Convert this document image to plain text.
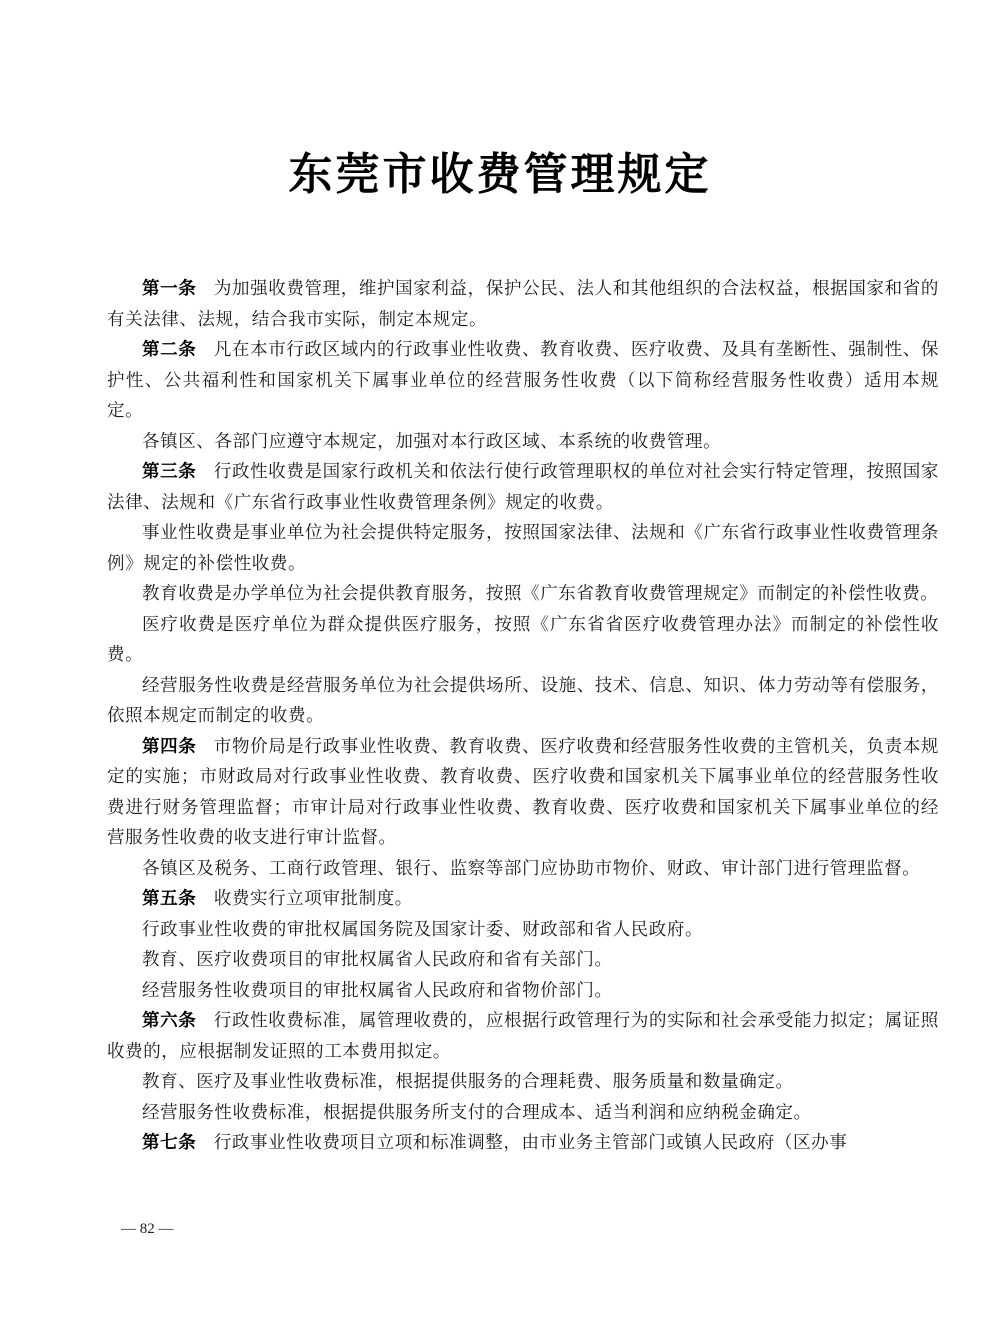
东莞市收费管理规定

第一条 为加强收费管理，维护国家利益，保护公民、法人和其他组织的合法权益，根据国家和省的有关法律、法规，结合我市实际，制定本规定。

第二条 凡在本市行政区域内的行政事业性收费、教育收费、医疗收费、及具有垄断性、强制性、保护性、公共福利性和国家机关下属事业单位的经营服务性收费（以下简称经营服务性收费）适用本规定。

各镇区、各部门应遵守本规定，加强对本行政区域、本系统的收费管理。

第三条 行政性收费是国家行政机关和依法行使行政管理职权的单位对社会实行特定管理，按照国家法律、法规和《广东省行政事业性收费管理条例》规定的收费。

事业性收费是事业单位为社会提供特定服务，按照国家法律、法规和《广东省行政事业性收费管理条例》规定的补偿性收费。

教育收费是办学单位为社会提供教育服务，按照《广东省教育收费管理规定》而制定的补偿性收费。

医疗收费是医疗单位为群众提供医疗服务，按照《广东省省医疗收费管理办法》而制定的补偿性收费。

经营服务性收费是经营服务单位为社会提供场所、设施、技术、信息、知识、体力劳动等有偿服务，依照本规定而制定的收费。

第四条 市物价局是行政事业性收费、教育收费、医疗收费和经营服务性收费的主管机关，负责本规定的实施；市财政局对行政事业性收费、教育收费、医疗收费和国家机关下属事业单位的经营服务性收费进行财务管理监督；市审计局对行政事业性收费、教育收费、医疗收费和国家机关下属事业单位的经营服务性收费的收支进行审计监督。

各镇区及税务、工商行政管理、银行、监察等部门应协助市物价、财政、审计部门进行管理监督。

第五条 收费实行立项审批制度。

行政事业性收费的审批权属国务院及国家计委、财政部和省人民政府。

教育、医疗收费项目的审批权属省人民政府和省有关部门。

经营服务性收费项目的审批权属省人民政府和省物价部门。

第六条 行政性收费标准，属管理收费的，应根据行政管理行为的实际和社会承受能力拟定；属证照收费的，应根据制发证照的工本费用拟定。

教育、医疗及事业性收费标准，根据提供服务的合理耗费、服务质量和数量确定。

经营服务性收费标准，根据提供服务所支付的合理成本、适当利润和应纳税金确定。

第七条 行政事业性收费项目立项和标准调整，由市业务主管部门或镇人民政府（区办事

— 82 —
